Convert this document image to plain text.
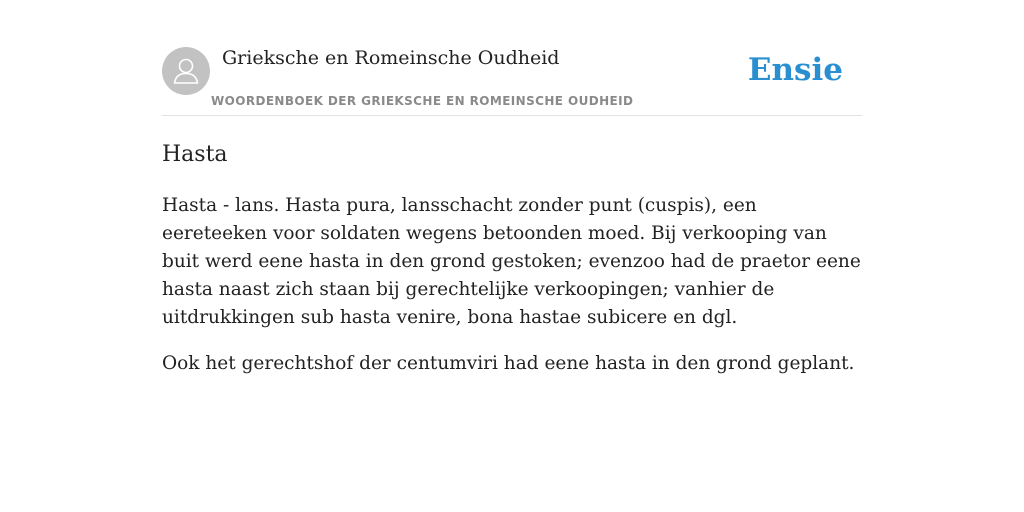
Grieksche en Romeinsche Oudheid
WOORDENBOEK DER GRIEKSCHE EN ROMEINSCHE OUDHEID
Ensie
Hasta

Hasta - lans. Hasta pura, lansschacht zonder punt (cuspis), een eereteeken voor soldaten wegens betoonden moed. Bij verkooping van buit werd eene hasta in den grond gestoken; evenzoo had de praetor eene hasta naast zich staan bij gerechtelijke verkoopingen; vanhier de uitdrukkingen sub hasta venire, bona hastae subicere en dgl.

Ook het gerechtshof der centumviri had eene hasta in den grond geplant.
